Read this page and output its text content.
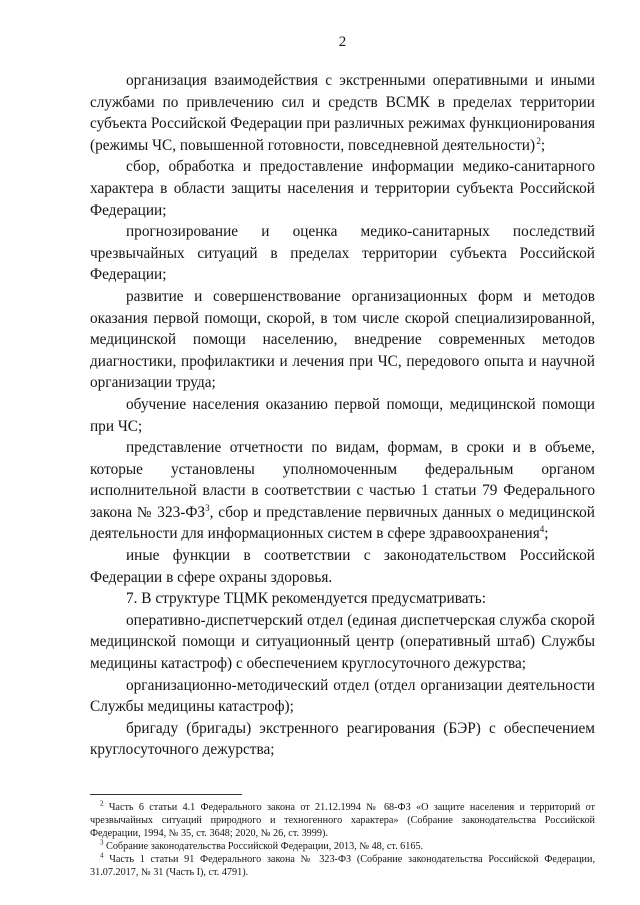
2

организация взаимодействия с экстренными оперативными и иными службами по привлечению сил и средств ВСМК в пределах территории субъекта Российской Федерации при различных режимах функционирования (режимы ЧС, повышенной готовности, повседневной деятельности) $^2$;

сбор, обработка и предоставление информации медико-санитарного характера в области защиты населения и территории субъекта Российской Федерации;

прогнозирование и оценка медико-санитарных последствий чрезвычайных ситуаций в пределах территории субъекта Российской Федерации;

развитие и совершенствование организационных форм и методов оказания первой помощи, скорой, в том числе скорой специализированной, медицинской помощи населению, внедрение современных методов диагностики, профилактики и лечения при ЧС, передового опыта и научной организации труда;

обучение населения оказанию первой помощи, медицинской помощи при ЧС;

представление отчетности по видам, формам, в сроки и в объеме, которые установлены уполномоченным федеральным органом исполнительной власти в соответствии с частью 1 статьи 79 Федерального закона № $323-ФЗ^3$, сбор и представление первичных данных о медицинской деятельности для информационных систем в сфере здравоохранения$^4$;

иные функции в соответствии с законодательством Российской Федерации в сфере охраны здоровья.

7. В структуре ТЦМК рекомендуется предусматривать:

оперативно-диспетчерский отдел (единая диспетчерская служба скорой медицинской помощи и ситуационный центр (оперативный штаб) Службы медицины катастроф) с обеспечением круглосуточного дежурства;

организационно-методический отдел (отдел организации деятельности Службы медицины катастроф);

бригаду (бригады) экстренного реагирования (БЭР) с обеспечением круглосуточного дежурства;

$^2$ Часть 6 статьи 4.1 Федерального закона от 21.12.1994 № 68-ФЗ «О защите населения и территорий от чрезвычайных ситуаций природного и техногенного характера» (Собрание законодательства Российской Федерации, 1994, № 35, ст. 3648; 2020, № 26, ст. 3999).

$^3$ Собрание законодательства Российской Федерации, 2013, № 48, ст. 6165.

$^4$ Часть 1 статьи 91 Федерального закона № 323-ФЗ (Собрание законодательства Российской Федерации, 31.07.2017, № 31 (Часть I), ст. 4791).
